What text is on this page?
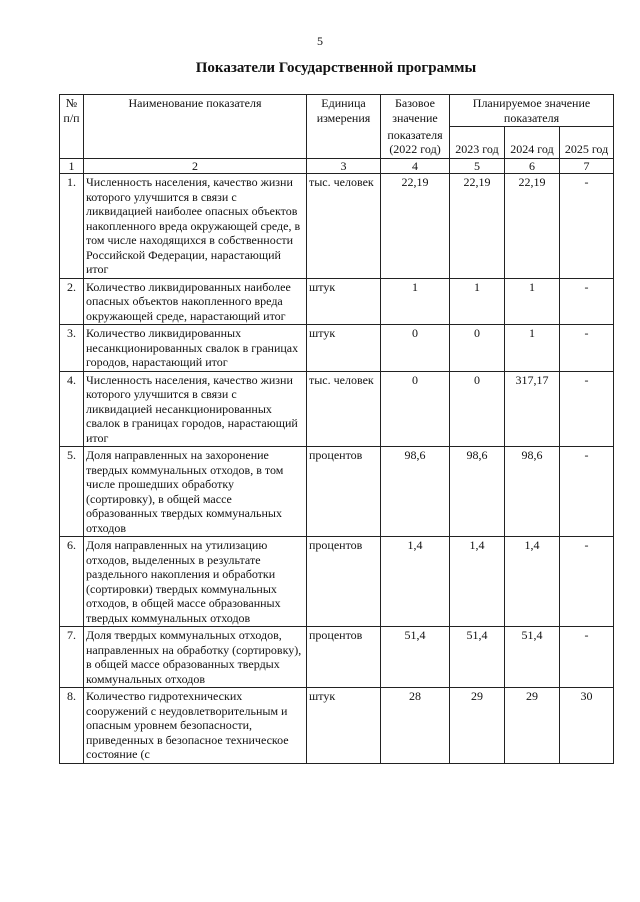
5
Показатели Государственной программы
№ п/п	Наименование показателя	Единица измерения	Базовое значение	Планируемое значение показателя		
			показателя (2022 год)	2023 год	2024 год	2025 год
1	2	3	4	5	6	7
1.	Численность населения, качество жизни которого улучшится в связи с ликвидацией наиболее опасных объектов накопленного вреда окружающей среде, в том числе находящихся в собственности Российской Федерации, нарастающий итог	тыс. человек	22,19	22,19	22,19	-
2.	Количество ликвидированных наиболее опасных объектов накопленного вреда окружающей среде, нарастающий итог	штук	1	1	1	-
3.	Количество ликвидированных несанкционированных свалок в границах городов, нарастающий итог	штук	0	0	1	-
4.	Численность населения, качество жизни которого улучшится в связи с ликвидацией несанкционированных свалок в границах городов, нарастающий итог	тыс. человек	0	0	317,17	-
5.	Доля направленных на захоронение твердых коммунальных отходов, в том числе прошедших обработку (сортировку), в общей массе образованных твердых коммунальных отходов	процентов	98,6	98,6	98,6	-
6.	Доля направленных на утилизацию отходов, выделенных в результате раздельного накопления и обработки (сортировки) твердых коммунальных отходов, в общей массе образованных твердых коммунальных отходов	процентов	1,4	1,4	1,4	-
7.	Доля твердых коммунальных отходов, направленных на обработку (сортировку), в общей массе образованных твердых коммунальных отходов	процентов	51,4	51,4	51,4	-
8.	Количество гидротехнических сооружений с неудовлетворительным и опасным уровнем безопасности, приведенных в безопасное техническое состояние (с	штук	28	29	29	30
